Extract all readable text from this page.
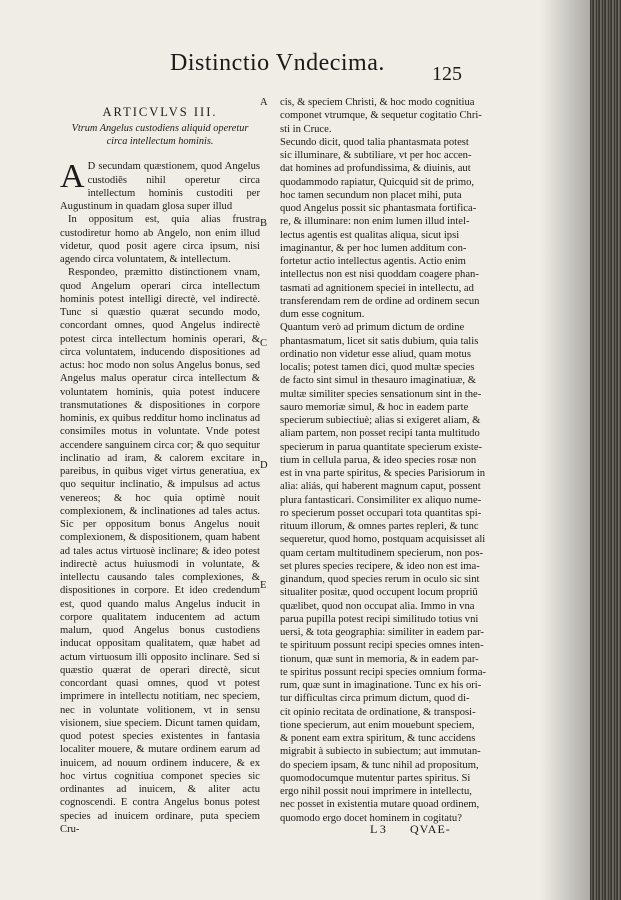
Distinctio Vndecima. 125
ARTICVLVS III.
Vtrum Angelus custodiens aliquid operetur circa intellectum hominis.

A D secundam quæstionem, quod Angelus custodiēs nihil operetur circa intellectum hominis custoditi per Augustinum in quadam glosa super illud

In oppositum est, quia alias frustra custodiretur homo ab Angelo, non enim illud videtur, quod posit agere circa ipsum, nisi agendo circa voluntatem, & intellectum.

Respondeo, præmitto distinctionem vnam, quod Angelum operari circa intellectum hominis potest intelligi directè, vel indirectè. Tunc si quæstio quærat secundo modo, concordant omnes, quod Angelus indirectè potest circa intellectum hominis operari, & circa voluntatem, inducendo dispositiones ad actus: hoc modo non solus Angelus bonus, sed Angelus malus operatur circa intellectum & voluntatem hominis, quia potest inducere transmutationes & dispositiones in corpore hominis, ex quibus redditur homo inclinatus ad consimiles motus in voluntate. Vnde potest accendere sanguinem circa cor; & quo sequitur inclinatio ad iram, & calorem excitare in pareibus, in quibus viget virtus generatiua, ex quo sequitur inclinatio, & impulsus ad actus venereos; & hoc quia optimè nouit complexionem, & inclinationes ad tales actus. Sic per oppositum bonus Angelus nouit complexionem, & dispositionem, quam habent ad tales actus virtuosè inclinare; & ideo potest indirectè actus huiusmodi in voluntate, & intellectu causando tales complexiones, & dispositiones in corpore. Et ideo credendum est, quod quando malus Angelus inducit in corpore qualitatem inducentem ad actum malum, quod Angelus bonus custodiens inducat oppositam qualitatem, quæ habet ad actum virtuosum illi opposito inclinare. Sed si quæstio quærat de operari directè, sicut concordant quasi omnes, quod vt potest imprimere in intellectu notitiam, nec speciem, nec in voluntate volitionem, vt in sensu visionem, siue speciem. Dicunt tamen quidam, quod potest species existentes in fantasia localiter mouere, & mutare ordinem earum ad inuicem, ad nouum ordinem inducere, & ex hoc virtus cognitiua componet species sic ordinantes ad inuicem, & aliter actu cognoscendi. E contra Angelus bonus potest species ad inuicem ordinare, puta speciem Cru-

cis, & speciem Christi, & hoc modo cognitiua
componet vtrumque, & sequetur cogitatio Chri-
sti in Cruce.
Secundo dicit, quod talia phantasmata potest
sic illuminare, & subtiliare, vt per hoc accen-
dat homines ad profundissima, & diuinis, aut
quodammodo rapiatur, Quicquid sit de primo,
hoc tamen secundum non placet mihi, puta
quod Angelus possit sic phantasmata fortifica-
re, & illuminare: non enim lumen illud intel-
lectus agentis est qualitas aliqua, sicut ipsi
imaginantur, & per hoc lumen additum con-
fortetur actio intellectus agentis. Actio enim
intellectus non est nisi quoddam coagere phan-
tasmati ad agnitionem speciei in intellectu, ad
transferendam rem de ordine ad ordinem secun
dum esse cognitum.
Quantum verò ad primum dictum de ordine
phantasmatum, licet sit satis dubium, quia talis
ordinatio non videtur esse aliud, quam motus
localis; potest tamen dici, quod multæ species
de facto sint simul in thesauro imaginatiuæ, &
multæ similiter species sensationum sint in the-
sauro memoriæ simul, & hoc in eadem parte
specierum subiectiuè; alias si exigeret aliam, &
aliam partem, non posset recipi tanta multitudo
specierum in parua quantitate specierum existe-
tium in cellula parua, & ideo species rosæ non
est in vna parte spiritus, & species Parisiorum in
alia: aliás, qui haberent magnum caput, possent
plura fantasticari. Consimiliter ex aliquo nume-
ro specierum posset occupari tota quantitas spi-
rituum illorum, & omnes partes repleri, & tunc
sequeretur, quod homo, postquam acquisisset ali
quam certam multitudinem specierum, non pos-
set plures species recipere, & ideo non est ima-
ginandum, quod species rerum in oculo sic sint
situaliter positæ, quod occupent locum propriũ
quælibet, quod non occupat alia. Immo in vna
parua pupilla potest recipi similitudo totius vni
uersi, & tota geographia: similiter in eadem par-
te spirituum possunt recipi species omnes inten-
tionum, quæ sunt in memoria, & in eadem par-
te spiritus possunt recipi species omnium forma-
rum, quæ sunt in imaginatione. Tunc ex his ori-
tur difficultas circa primum dictum, quod di-
cit opinio recitata de ordinatione, & transposi-
tione specierum, aut enim mouebunt speciem,
& ponent eam extra spiritum, & tunc accidens
migrabit à subiecto in subiectum; aut immutan-
do speciem ipsam, & tunc nihil ad propositum,
quomodocumque mutentur partes spiritus. Si
ergo nihil possit noui imprimere in intellectu,
nec posset in existentia mutare quoad ordinem,
quomodo ergo docet hominem in cogitatu?
A
B
C
D
E
L 3 QVAE-
